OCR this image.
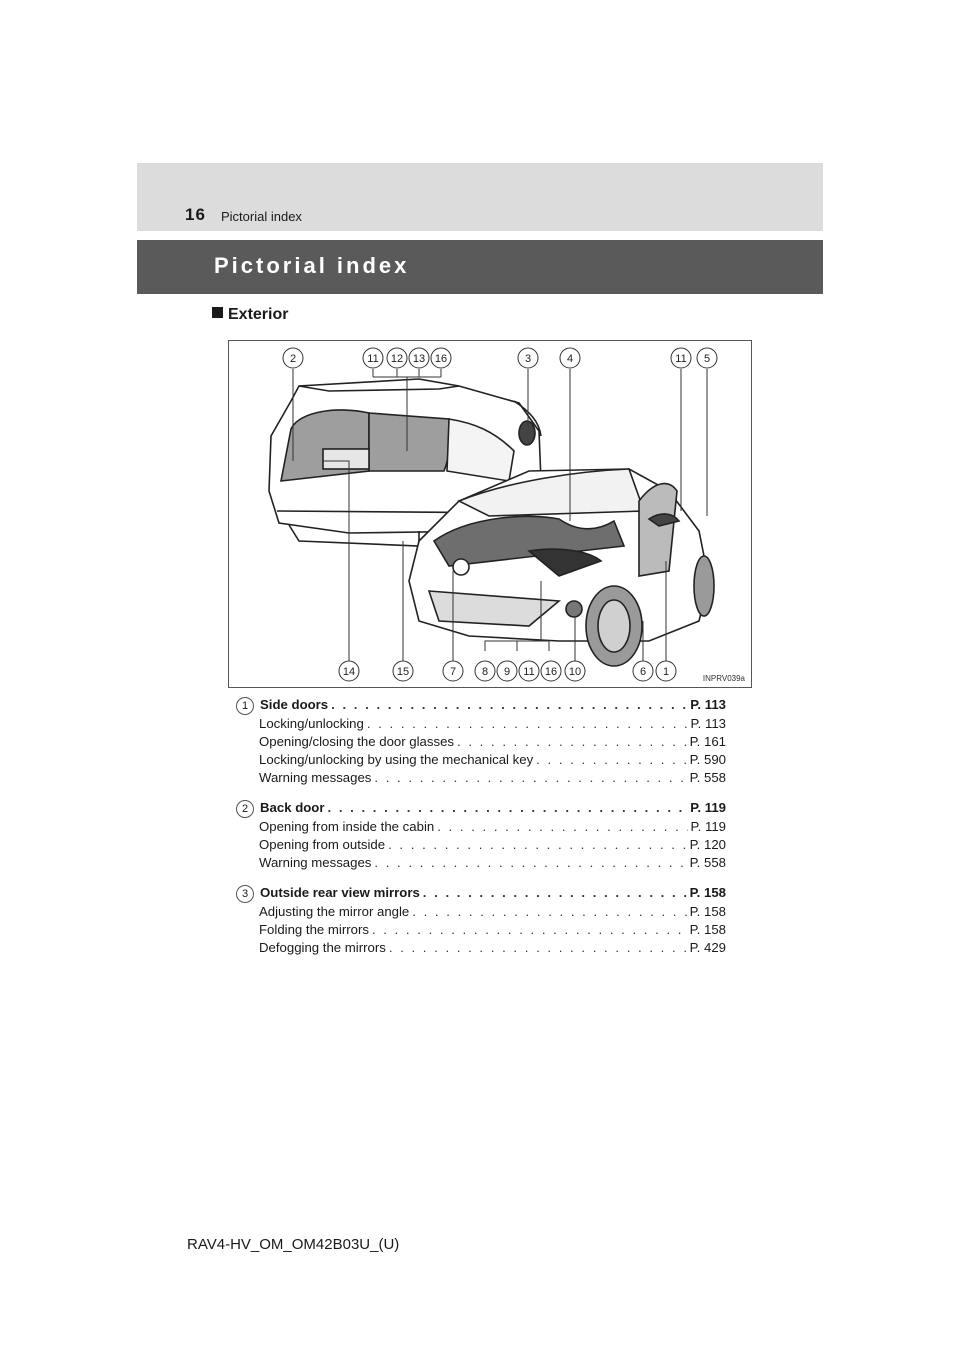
16 Pictorial index
Pictorial index
Exterior
2	11 12 13 16	3	4	11 5
14	15	7 8 9 11 16 10	6 1
INPRV039a
1 Side doors . . .	P. 113
Locking/unlocking . . .	P. 113
Opening/closing the door glasses . . .	P. 161
Locking/unlocking by using the mechanical key . . .	P. 590
Warning messages . . .	P. 558
2 Back door . . .	P. 119
Opening from inside the cabin . . .	P. 119
Opening from outside . . .	P. 120
Warning messages . . .	P. 558
3 Outside rear view mirrors . . .	P. 158
Adjusting the mirror angle . . .	P. 158
Folding the mirrors . . .	P. 158
Defogging the mirrors . . .	P. 429
RAV4-HV_OM_OM42B03U_(U)
